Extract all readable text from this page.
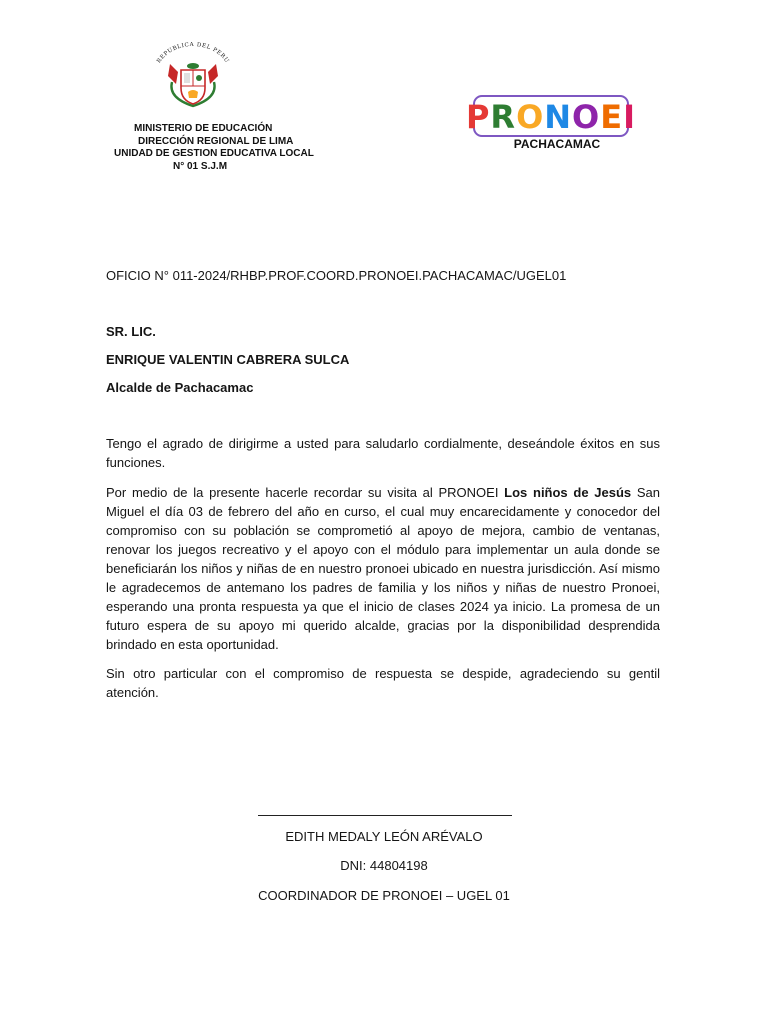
REPUBLICA DEL PERU
MINISTERIO DE EDUCACIÓN
DIRECCIÓN REGIONAL DE LIMA
UNIDAD DE GESTION EDUCATIVA LOCAL
N° 01 S.J.M
PRONOEI
PACHACAMAC
OFICIO N° 011-2024/RHBP.PROF.COORD.PRONOEI.PACHACAMAC/UGEL01
SR. LIC.
ENRIQUE VALENTIN CABRERA SULCA
Alcalde de Pachacamac
Tengo el agrado de dirigirme a usted para saludarlo cordialmente, deseándole éxitos en sus funciones.
Por medio de la presente hacerle recordar su visita al PRONOEI Los niños de Jesús San Miguel el día 03 de febrero del año en curso, el cual muy encarecidamente y conocedor del compromiso con su población se comprometió al apoyo de mejora, cambio de ventanas, renovar los juegos recreativo y el apoyo con el módulo para implementar un aula donde se beneficiarán los niños y niñas de en nuestro pronoei ubicado en nuestra jurisdicción. Así mismo le agradecemos de antemano los padres de familia y los niños y niñas de nuestro Pronoei, esperando una pronta respuesta ya que el inicio de clases 2024 ya inicio. La promesa de un futuro espera de su apoyo mi querido alcalde, gracias por la disponibilidad desprendida brindado en esta oportunidad.
Sin otro particular con el compromiso de respuesta se despide, agradeciendo su gentil atención.
EDITH MEDALY LEÓN ARÉVALO
DNI: 44804198
COORDINADOR DE PRONOEI – UGEL 01
